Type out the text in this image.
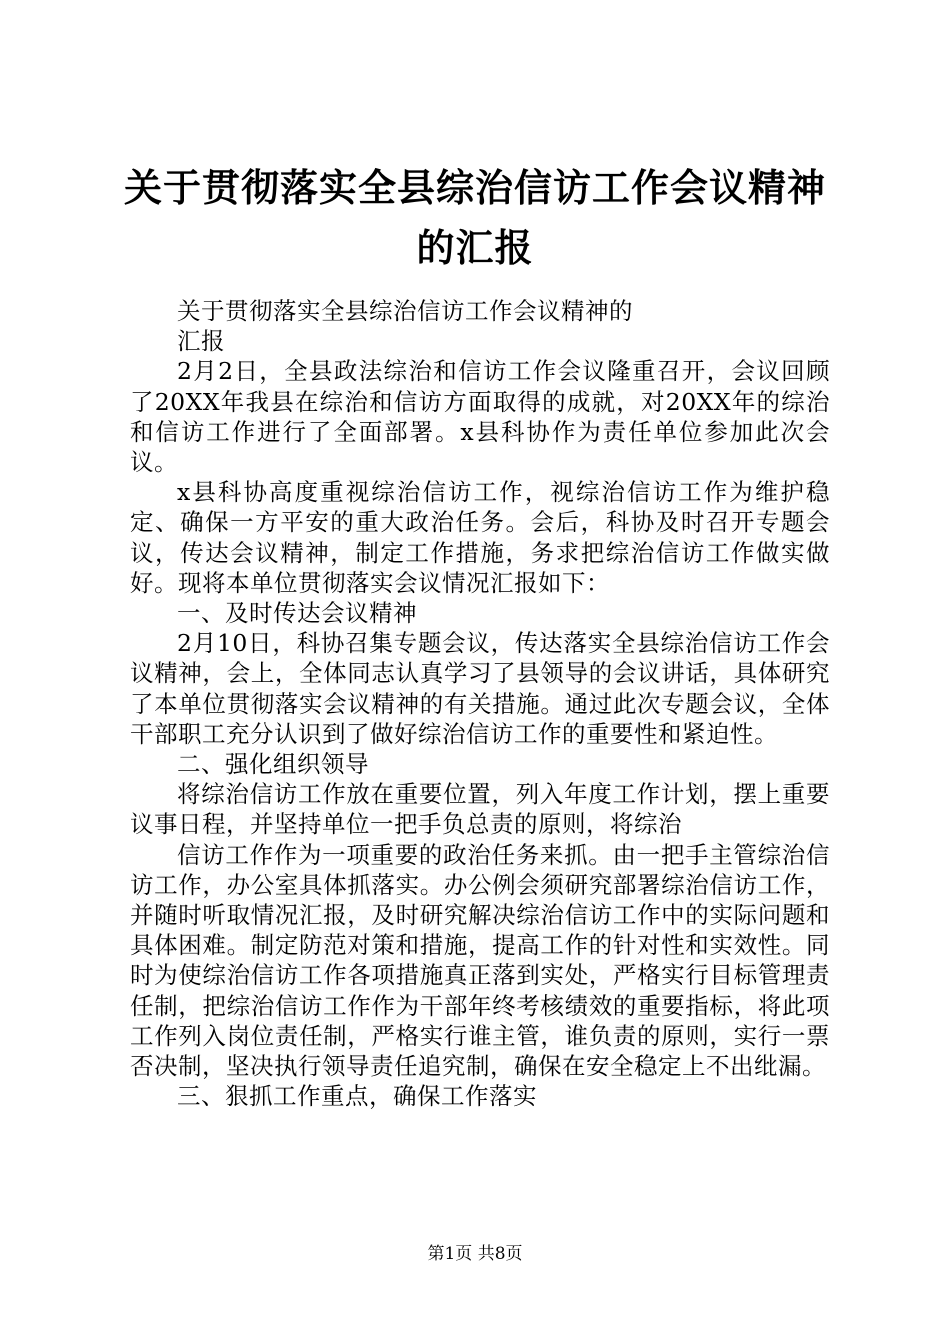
关于贯彻落实全县综治信访工作会议精神的汇报

关于贯彻落实全县综治信访工作会议精神的

汇报

2月2日，全县政法综治和信访工作会议隆重召开，会议回顾了20XX年我县在综治和信访方面取得的成就，对20XX年的综治和信访工作进行了全面部署。x县科协作为责任单位参加此次会议。

x县科协高度重视综治信访工作，视综治信访工作为维护稳定、确保一方平安的重大政治任务。会后，科协及时召开专题会议，传达会议精神，制定工作措施，务求把综治信访工作做实做好。现将本单位贯彻落实会议情况汇报如下：

一、及时传达会议精神

2月10日，科协召集专题会议，传达落实全县综治信访工作会议精神，会上，全体同志认真学习了县领导的会议讲话，具体研究了本单位贯彻落实会议精神的有关措施。通过此次专题会议，全体干部职工充分认识到了做好综治信访工作的重要性和紧迫性。

二、强化组织领导

将综治信访工作放在重要位置，列入年度工作计划，摆上重要议事日程，并坚持单位一把手负总责的原则，将综治

信访工作作为一项重要的政治任务来抓。由一把手主管综治信访工作，办公室具体抓落实。办公例会须研究部署综治信访工作，并随时听取情况汇报，及时研究解决综治信访工作中的实际问题和具体困难。制定防范对策和措施，提高工作的针对性和实效性。同时为使综治信访工作各项措施真正落到实处，严格实行目标管理责任制，把综治信访工作作为干部年终考核绩效的重要指标，将此项工作列入岗位责任制，严格实行谁主管，谁负责的原则，实行一票否决制，坚决执行领导责任追究制，确保在安全稳定上不出纰漏。

三、狠抓工作重点，确保工作落实

第1页 共8页
